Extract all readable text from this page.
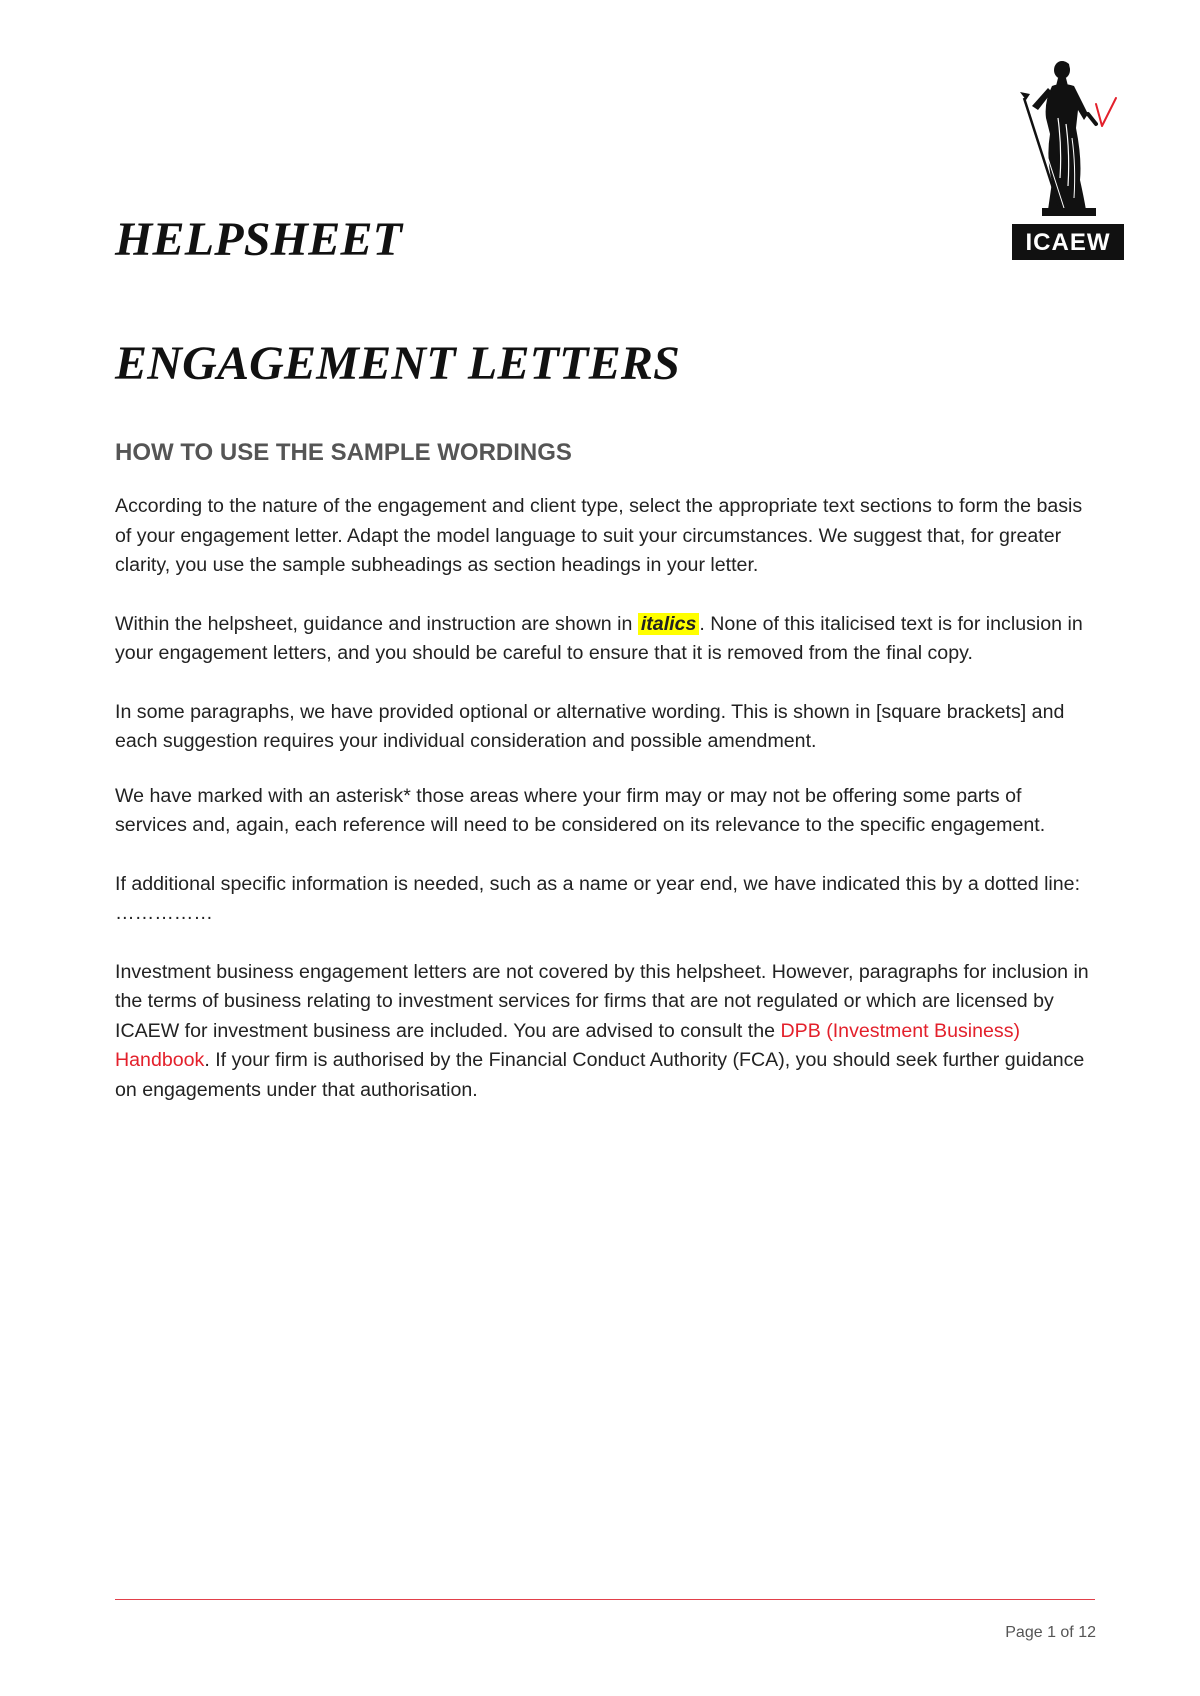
ICAEW
HELPSHEET
ENGAGEMENT LETTERS
HOW TO USE THE SAMPLE WORDINGS

According to the nature of the engagement and client type, select the appropriate text sections to form the basis of your engagement letter. Adapt the model language to suit your circumstances. We suggest that, for greater clarity, you use the sample subheadings as section headings in your letter.

Within the helpsheet, guidance and instruction are shown in italics . None of this italicised text is for inclusion in your engagement letters, and you should be careful to ensure that it is removed from the final copy.

In some paragraphs, we have provided optional or alternative wording. This is shown in [square brackets] and each suggestion requires your individual consideration and possible amendment.

We have marked with an asterisk* those areas where your firm may or may not be offering some parts of services and, again, each reference will need to be considered on its relevance to the specific engagement.

If additional specific information is needed, such as a name or year end, we have indicated this by a dotted line: ……………

Investment business engagement letters are not covered by this helpsheet. However, paragraphs for inclusion in the terms of business relating to investment services for firms that are not regulated or which are licensed by ICAEW for investment business are included. You are advised to consult the DPB (Investment Business) Handbook. If your firm is authorised by the Financial Conduct Authority (FCA), you should seek further guidance on engagements under that authorisation.

Page 1 of 12
